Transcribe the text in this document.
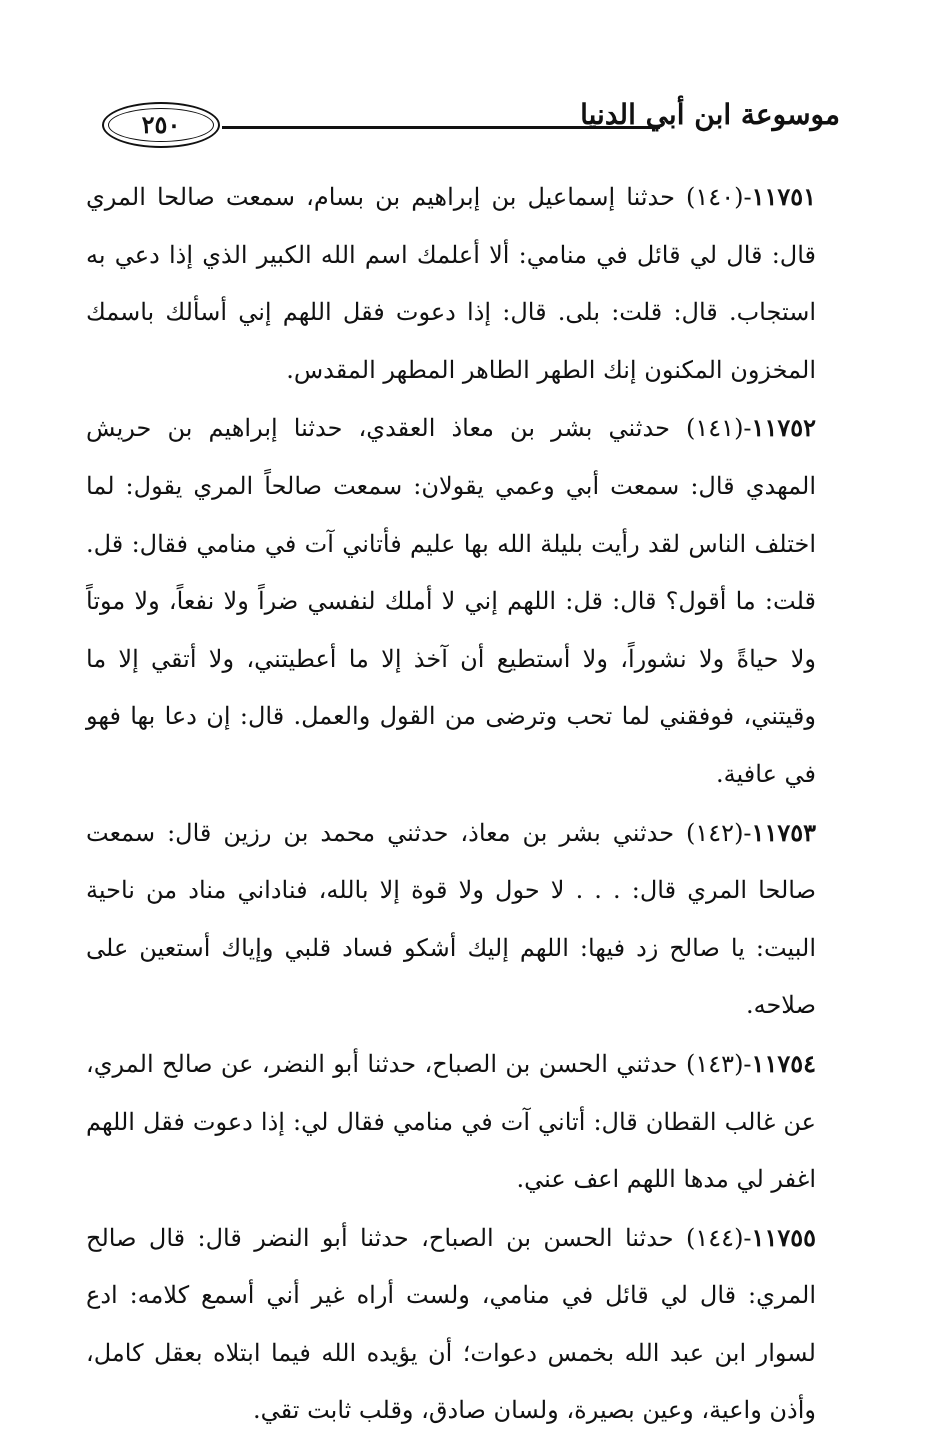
٢٥٠	موسوعة ابن أبي الدنيا

١١٧٥١-(١٤٠) حدثنا إسماعيل بن إبراهيم بن بسام، سمعت صالحا المري قال: قال لي قائل في منامي: ألا أعلمك اسم الله الكبير الذي إذا دعي به استجاب. قال: قلت: بلى. قال: إذا دعوت فقل اللهم إني أسألك باسمك المخزون المكنون إنك الطهر الطاهر المطهر المقدس.

١١٧٥٢-(١٤١) حدثني بشر بن معاذ العقدي، حدثنا إبراهيم بن حريش المهدي قال: سمعت أبي وعمي يقولان: سمعت صالحاً المري يقول: لما اختلف الناس لقد رأيت بليلة الله بها عليم فأتاني آت في منامي فقال: قل. قلت: ما أقول؟ قال: قل: اللهم إني لا أملك لنفسي ضراً ولا نفعاً، ولا موتاً ولا حياةً ولا نشوراً، ولا أستطيع أن آخذ إلا ما أعطيتني، ولا أتقي إلا ما وقيتني، فوفقني لما تحب وترضى من القول والعمل. قال: إن دعا بها فهو في عافية.

١١٧٥٣-(١٤٢) حدثني بشر بن معاذ، حدثني محمد بن رزين قال: سمعت صالحا المري قال: . . . لا حول ولا قوة إلا بالله، فناداني مناد من ناحية البيت: يا صالح زد فيها: اللهم إليك أشكو فساد قلبي وإياك أستعين على صلاحه.

١١٧٥٤-(١٤٣) حدثني الحسن بن الصباح، حدثنا أبو النضر، عن صالح المري، عن غالب القطان قال: أتاني آت في منامي فقال لي: إذا دعوت فقل اللهم اغفر لي مدها اللهم اعف عني.

١١٧٥٥-(١٤٤) حدثنا الحسن بن الصباح، حدثنا أبو النضر قال: قال صالح المري: قال لي قائل في منامي، ولست أراه غير أني أسمع كلامه: ادع لسوار ابن عبد الله بخمس دعوات؛ أن يؤيده الله فيما ابتلاه بعقل كامل، وأذن واعية، وعين بصيرة، ولسان صادق، وقلب ثابت تقي.
